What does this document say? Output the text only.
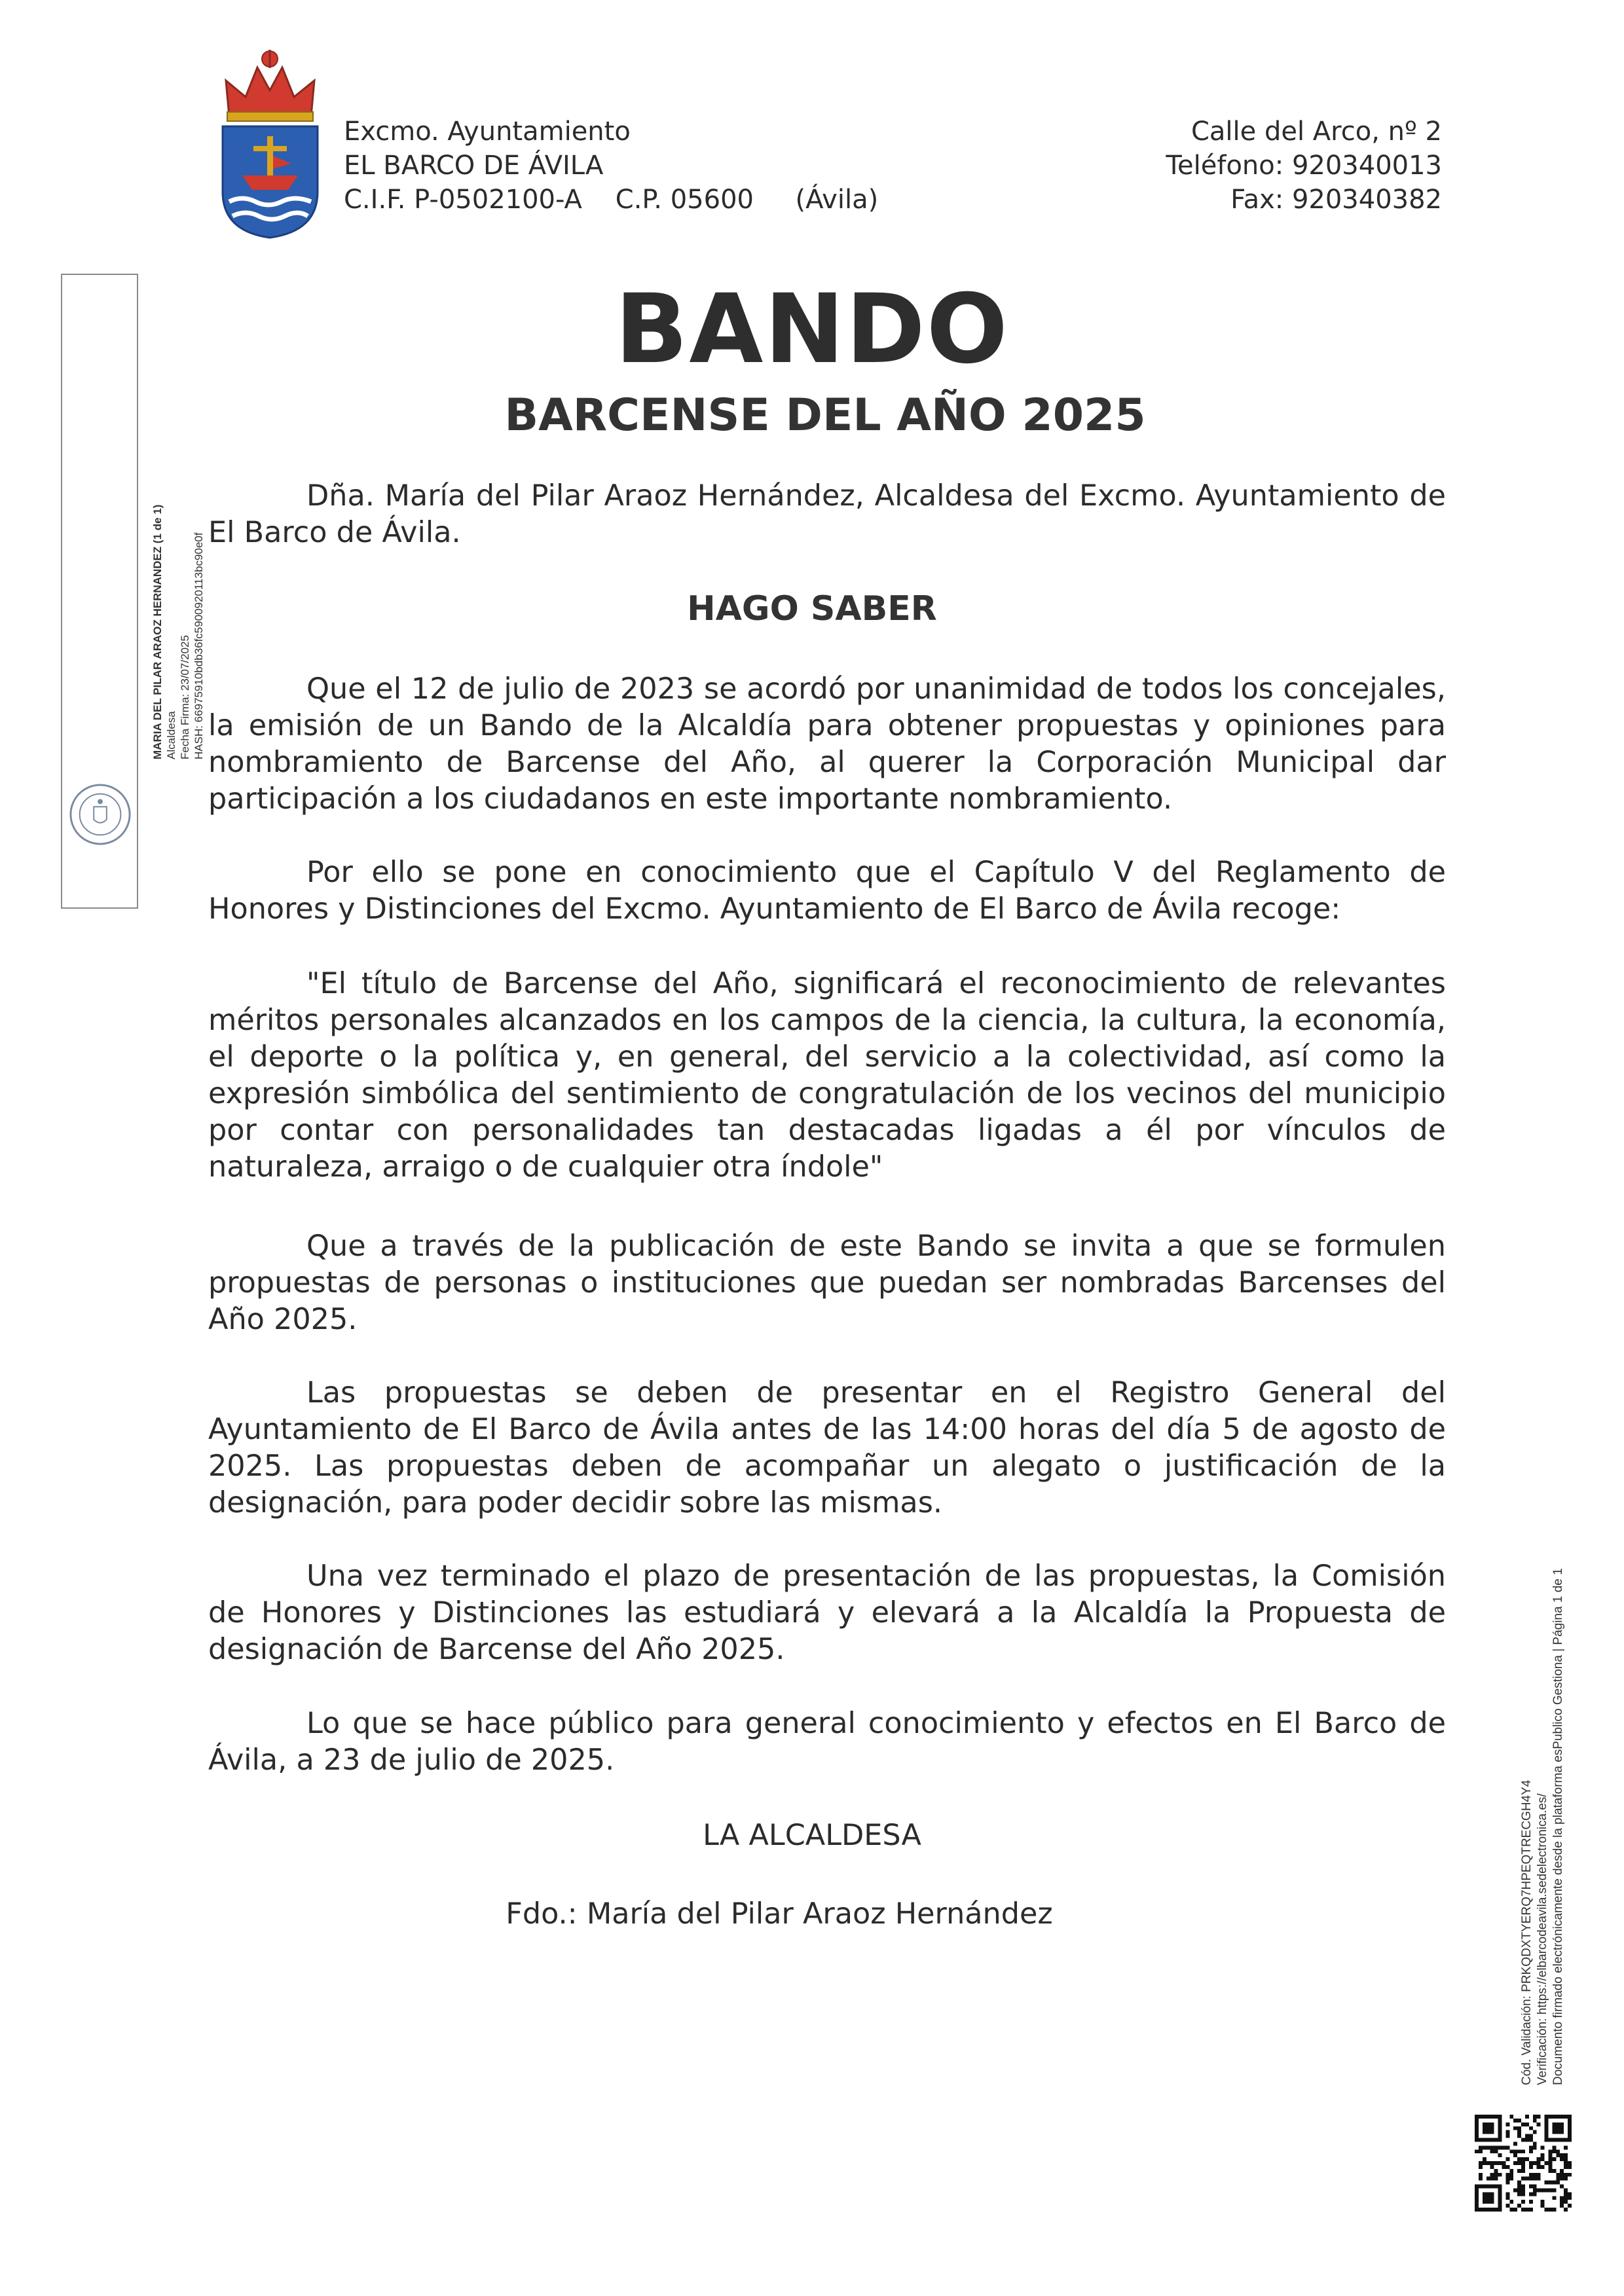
Excmo. Ayuntamiento
EL BARCO DE ÁVILA
C.I.F. P-0502100-A    C.P. 05600     (Ávila)
Calle del Arco, nº 2
Teléfono: 920340013
Fax: 920340382
BANDO
BARCENSE DEL AÑO 2025

Dña. María del Pilar Araoz Hernández, Alcaldesa del Excmo. Ayuntamiento de El Barco de Ávila.

HAGO SABER

Que el 12 de julio de 2023 se acordó por unanimidad de todos los concejales, la emisión de un Bando de la Alcaldía para obtener propuestas y opiniones para nombramiento de Barcense del Año, al querer la Corporación Municipal dar participación a los ciudadanos en este importante nombramiento.

Por ello se pone en conocimiento que el Capítulo V del Reglamento de Honores y Distinciones del Excmo. Ayuntamiento de El Barco de Ávila recoge:

"El título de Barcense del Año, significará el reconocimiento de relevantes méritos personales alcanzados en los campos de la ciencia, la cultura, la economía, el deporte o la política y, en general, del servicio a la colectividad, así como la expresión simbólica del sentimiento de congratulación de los vecinos del municipio por contar con personalidades tan destacadas ligadas a él por vínculos de naturaleza, arraigo o de cualquier otra índole"

Que a través de la publicación de este Bando se invita a que se formulen propuestas de personas o instituciones que puedan ser nombradas Barcenses del Año 2025.

Las propuestas se deben de presentar en el Registro General del Ayuntamiento de El Barco de Ávila antes de las 14:00 horas del día 5 de agosto de 2025. Las propuestas deben de acompañar un alegato o justificación de la designación, para poder decidir sobre las mismas.

Una vez terminado el plazo de presentación de las propuestas, la Comisión de Honores y Distinciones las estudiará y elevará a la Alcaldía la Propuesta de designación de Barcense del Año 2025.

Lo que se hace público para general conocimiento y efectos en El Barco de Ávila, a 23 de julio de 2025.

LA ALCALDESA
Fdo.: María del Pilar Araoz Hernández
MARIA DEL PILAR ARAOZ HERNANDEZ (1 de 1) Alcaldesa Fecha Firma: 23/07/2025 HASH: 66975910bdb36fc5900920113bc90e0f
Cód. Validación: PRKQDXTYERQ7HPEQTRECGH4Y4 Verificación: https://elbarcodeavila.sedelectronica.es/ Documento firmado electrónicamente desde la plataforma esPublico Gestiona | Página 1 de 1
